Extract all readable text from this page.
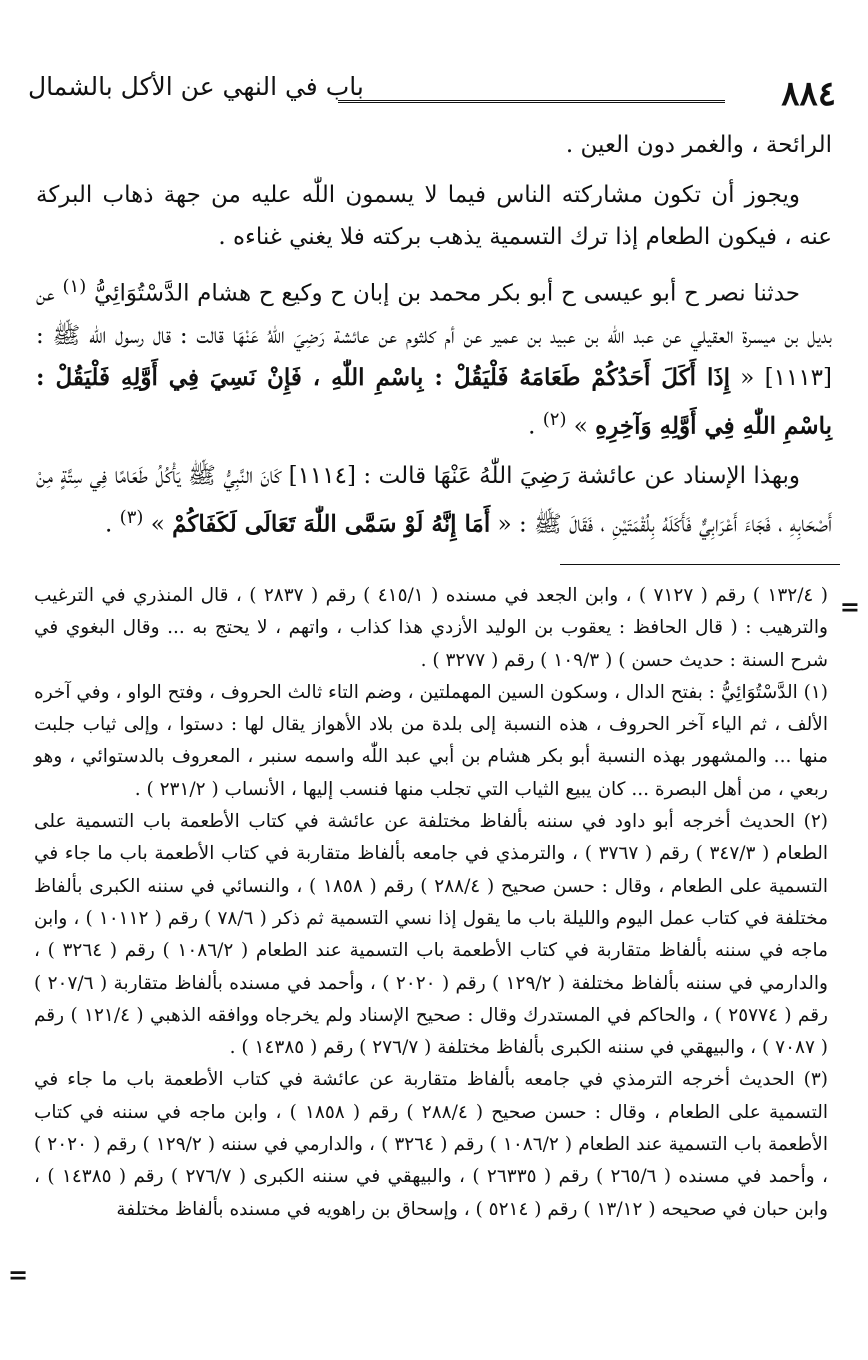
٨٨٤
باب في النهي عن الأكل بالشمال

الرائحة ، والغمر دون العين .

ويجوز أن تكون مشاركته الناس فيما لا يسمون اللّٰه عليه من جهة ذهاب البركة عنه ، فيكون الطعام إذا ترك التسمية يذهب بركته فلا يغني غناءه .

حدثنا نصر ح أبو عيسى ح أبو بكر محمد بن إبان ح وكيع ح هشام الدَّسْتُوَائِيُّ $^{(١)}$ عن بديل بن ميسرة العقيلي عن عبد اللّٰه بن عبيد بن عمير عن أم كلثوم عن عائشة رَضِيَ اللّٰهُ عَنْهَا قالت : قال رسول اللّٰه ﷺ : [١١١٣] « إِذَا أَكَلَ أَحَدُكُمْ طَعَامَهُ فَلْيَقُلْ : بِاسْمِ اللّٰهِ ، فَإِنْ نَسِيَ فِي أَوَّلِهِ فَلْيَقُلْ : بِاسْمِ اللّٰهِ فِي أَوَّلِهِ وَآخِرِهِ » $^{(٢)}$ .

وبهذا الإسناد عن عائشة رَضِيَ اللّٰهُ عَنْهَا قالت : [١١١٤] كَانَ النَّبِيُّ ﷺ يَأْكُلُ طَعَامًا فِي سِتَّةٍ مِنْ أَصْحَابِهِ ، فَجَاءَ أَعْرَابِيٌّ فَأَكَلَهُ بِلُقْمَتَيْنِ ، فَقَالَ ﷺ : « أَمَا إِنَّهُ لَوْ سَمَّى اللّٰهَ تَعَالَى لَكَفَاكُمْ » $^{(٣)}$ .

=

( ١٣٢/٤ ) رقم ( ٧١٢٧ ) ، وابن الجعد في مسنده ( ٤١٥/١ ) رقم ( ٢٨٣٧ ) ، قال المنذري في الترغيب والترهيب : ( قال الحافظ : يعقوب بن الوليد الأزدي هذا كذاب ، واتهم ، لا يحتج به ... وقال البغوي في شرح السنة : حديث حسن ) ( ١٠٩/٣ ) رقم ( ٣٢٧٧ ) .

(١) الدَّسْتُوَائِيُّ : بفتح الدال ، وسكون السين المهملتين ، وضم التاء ثالث الحروف ، وفتح الواو ، وفي آخره الألف ، ثم الياء آخر الحروف ، هذه النسبة إلى بلدة من بلاد الأهواز يقال لها : دستوا ، وإلى ثياب جلبت منها ... والمشهور بهذه النسبة أبو بكر هشام بن أبي عبد اللّٰه واسمه سنبر ، المعروف بالدستوائي ، وهو ربعي ، من أهل البصرة ... كان يبيع الثياب التي تجلب منها فنسب إليها ، الأنساب ( ٢٣١/٢ ) .

(٢) الحديث أخرجه أبو داود في سننه بألفاظ مختلفة عن عائشة في كتاب الأطعمة باب التسمية على الطعام ( ٣٤٧/٣ ) رقم ( ٣٧٦٧ ) ، والترمذي في جامعه بألفاظ متقاربة في كتاب الأطعمة باب ما جاء في التسمية على الطعام ، وقال : حسن صحيح ( ٢٨٨/٤ ) رقم ( ١٨٥٨ ) ، والنسائي في سننه الكبرى بألفاظ مختلفة في كتاب عمل اليوم والليلة باب ما يقول إذا نسي التسمية ثم ذكر ( ٧٨/٦ ) رقم ( ١٠١١٢ ) ، وابن ماجه في سننه بألفاظ متقاربة في كتاب الأطعمة باب التسمية عند الطعام ( ١٠٨٦/٢ ) رقم ( ٣٢٦٤ ) ، والدارمي في سننه بألفاظ مختلفة ( ١٢٩/٢ ) رقم ( ٢٠٢٠ ) ، وأحمد في مسنده بألفاظ متقاربة ( ٢٠٧/٦ ) رقم ( ٢٥٧٧٤ ) ، والحاكم في المستدرك وقال : صحيح الإسناد ولم يخرجاه ووافقه الذهبي ( ١٢١/٤ ) رقم ( ٧٠٨٧ ) ، والبيهقي في سننه الكبرى بألفاظ مختلفة ( ٢٧٦/٧ ) رقم ( ١٤٣٨٥ ) .

(٣) الحديث أخرجه الترمذي في جامعه بألفاظ متقاربة عن عائشة في كتاب الأطعمة باب ما جاء في التسمية على الطعام ، وقال : حسن صحيح ( ٢٨٨/٤ ) رقم ( ١٨٥٨ ) ، وابن ماجه في سننه في كتاب الأطعمة باب التسمية عند الطعام ( ١٠٨٦/٢ ) رقم ( ٣٢٦٤ ) ، والدارمي في سننه ( ١٢٩/٢ ) رقم ( ٢٠٢٠ ) ، وأحمد في مسنده ( ٢٦٥/٦ ) رقم ( ٢٦٣٣٥ ) ، والبيهقي في سننه الكبرى ( ٢٧٦/٧ ) رقم ( ١٤٣٨٥ ) ، وابن حبان في صحيحه ( ١٣/١٢ ) رقم ( ٥٢١٤ ) ، وإسحاق بن راهويه في مسنده بألفاظ مختلفة

=
